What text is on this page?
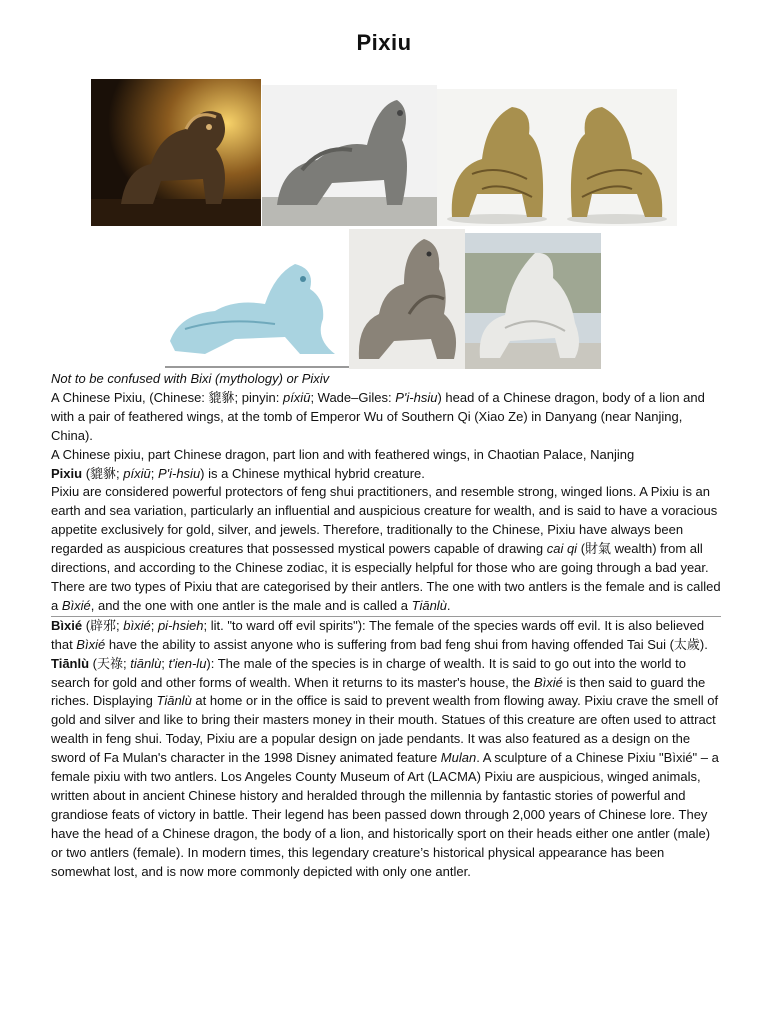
Pixiu

Not to be confused with Bixi (mythology) or Pixiv

A Chinese Pixiu, (Chinese: 貔貅; pinyin: píxiū; Wade–Giles: P'i-hsiu) head of a Chinese dragon, body of a lion and with a pair of feathered wings, at the tomb of Emperor Wu of Southern Qi (Xiao Ze) in Danyang (near Nanjing, China).

A Chinese pixiu, part Chinese dragon, part lion and with feathered wings, in Chaotian Palace, Nanjing

Pixiu (貔貅; píxiū; P'i-hsiu) is a Chinese mythical hybrid creature.

Pixiu are considered powerful protectors of feng shui practitioners, and resemble strong, winged lions. A Pixiu is an earth and sea variation, particularly an influential and auspicious creature for wealth, and is said to have a voracious appetite exclusively for gold, silver, and jewels. Therefore, traditionally to the Chinese, Pixiu have always been regarded as auspicious creatures that possessed mystical powers capable of drawing cai qi (財氣 wealth) from all directions, and according to the Chinese zodiac, it is especially helpful for those who are going through a bad year.

There are two types of Pixiu that are categorised by their antlers. The one with two antlers is the female and is called a Bìxié, and the one with one antler is the male and is called a Tiānlù.

Bìxié (辟邪; bìxié; pi-hsieh; lit. "to ward off evil spirits"): The female of the species wards off evil. It is also believed that Bìxié have the ability to assist anyone who is suffering from bad feng shui from having offended Tai Sui (太歲).

Tiānlù (天祿; tiānlù; t'ien-lu): The male of the species is in charge of wealth. It is said to go out into the world to search for gold and other forms of wealth. When it returns to its master's house, the Bìxié is then said to guard the riches. Displaying Tiānlù at home or in the office is said to prevent wealth from flowing away. Pixiu crave the smell of gold and silver and like to bring their masters money in their mouth. Statues of this creature are often used to attract wealth in feng shui. Today, Pixiu are a popular design on jade pendants. It was also featured as a design on the sword of Fa Mulan's character in the 1998 Disney animated feature Mulan. A sculpture of a Chinese Pixiu "Bìxié" – a female pixiu with two antlers. Los Angeles County Museum of Art (LACMA) Pixiu are auspicious, winged animals, written about in ancient Chinese history and heralded through the millennia by fantastic stories of powerful and grandiose feats of victory in battle. Their legend has been passed down through 2,000 years of Chinese lore. They have the head of a Chinese dragon, the body of a lion, and historically sport on their heads either one antler (male) or two antlers (female). In modern times, this legendary creature’s historical physical appearance has been somewhat lost, and is now more commonly depicted with only one antler.
